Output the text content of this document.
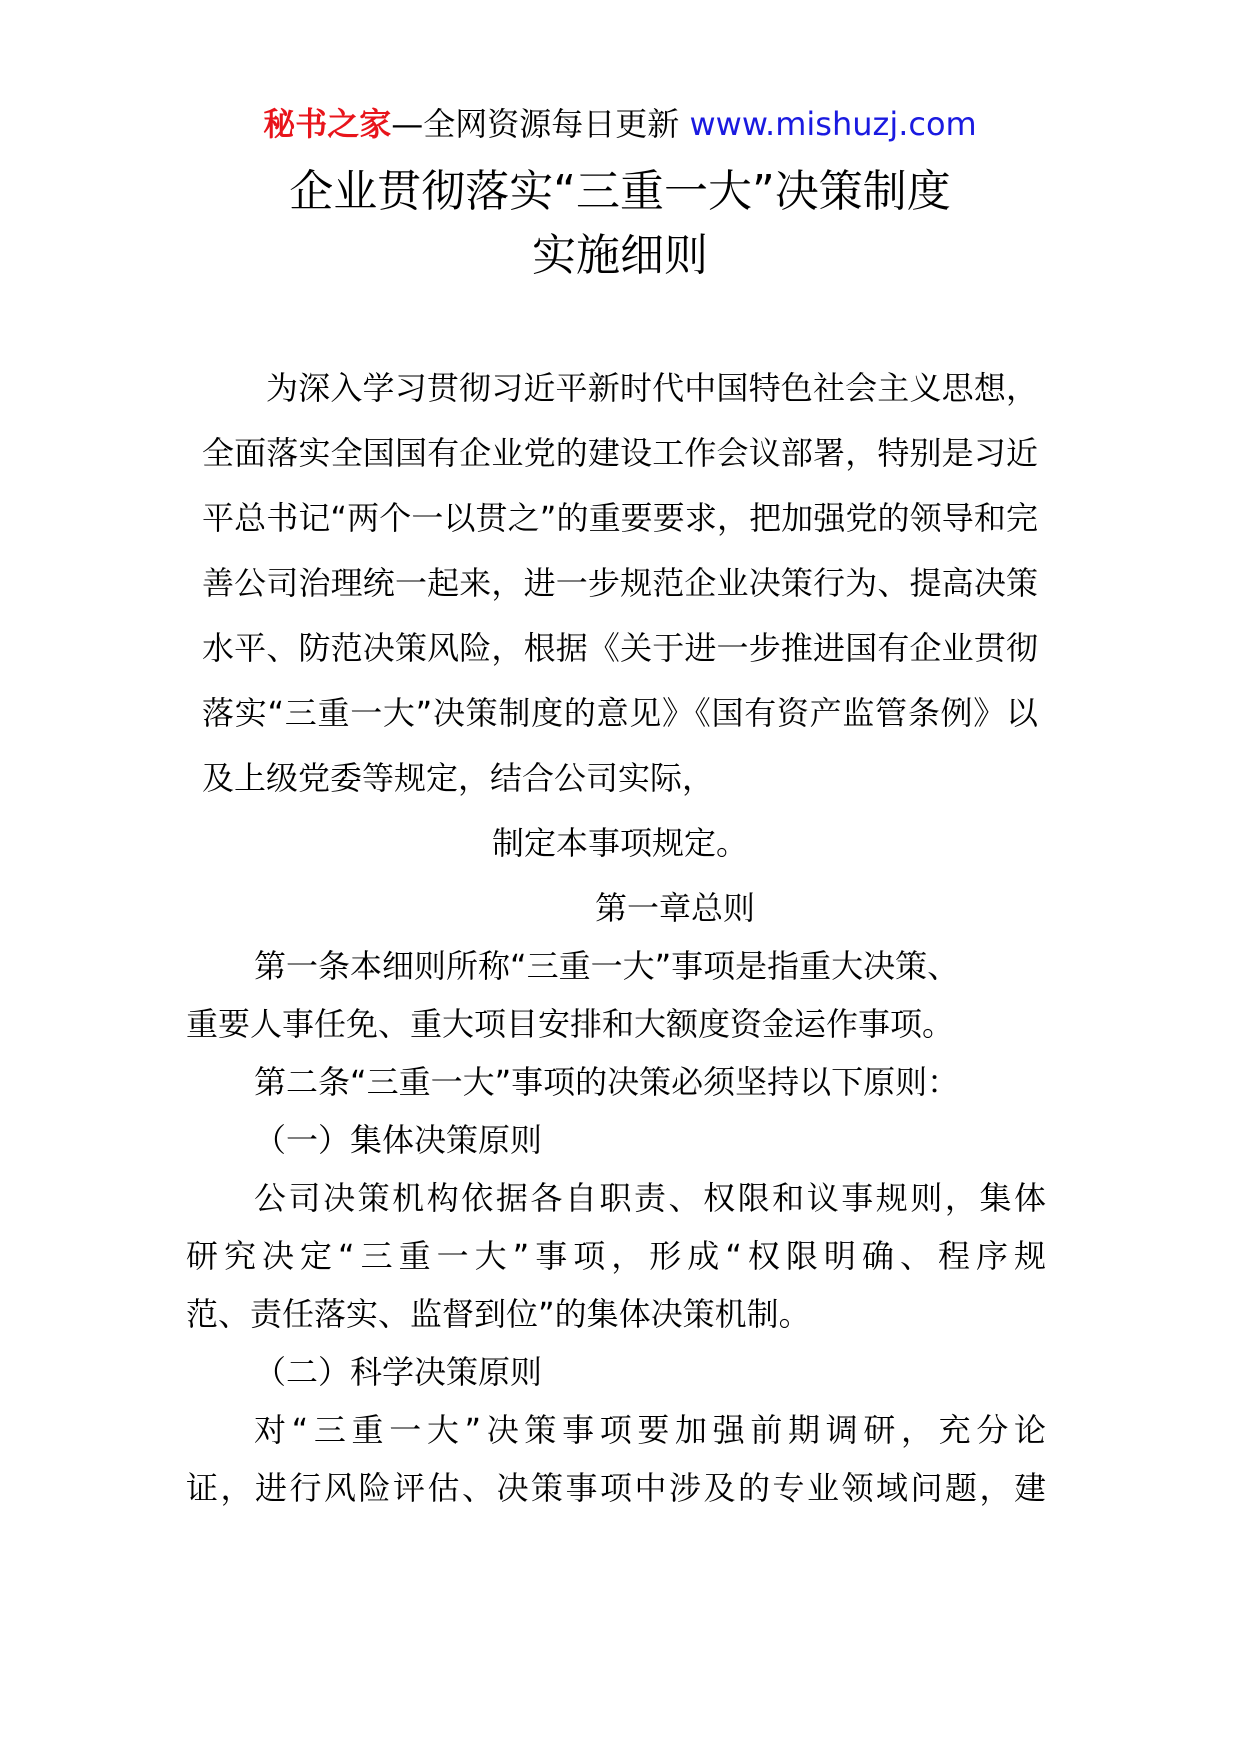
秘书之家—全网资源每日更新 www.mishuzj.com
企业贯彻落实“三重一大”决策制度
实施细则
为深入学习贯彻习近平新时代中国特色社会主义思想，全面落实全国国有企业党的建设工作会议部署，特别是习近平总书记“两个一以贯之”的重要要求，把加强党的领导和完善公司治理统一起来，进一步规范企业决策行为、提高决策水平、防范决策风险，根据《关于进一步推进国有企业贯彻落实“三重一大”决策制度的意见》《国有资产监管条例》以及上级党委等规定，结合公司实际，
制定本事项规定。
第一章总则
第一条本细则所称“三重一大”事项是指重大决策、
重要人事任免、重大项目安排和大额度资金运作事项。
第二条“三重一大”事项的决策必须坚持以下原则：
（一）集体决策原则
公司决策机构依据各自职责、权限和议事规则，集体
研究决定“三重一大”事项，形成“权限明确、程序规
范、责任落实、监督到位”的集体决策机制。
（二）科学决策原则
对“三重一大”决策事项要加强前期调研，充分论
证，进行风险评估、决策事项中涉及的专业领域问题，建
